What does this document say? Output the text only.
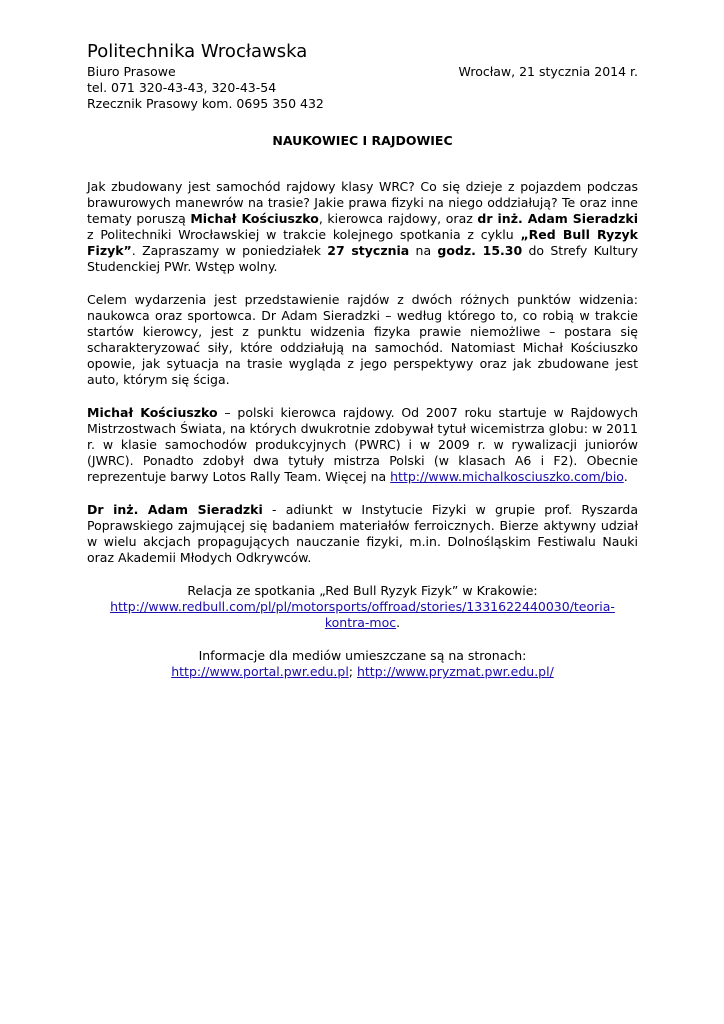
Politechnika Wrocławska
Biuro Prasowe	Wrocław, 21 stycznia 2014 r.
tel. 071 320-43-43, 320-43-54
Rzecznik Prasowy kom. 0695 350 432
NAUKOWIEC I RAJDOWIEC

Jak zbudowany jest samochód rajdowy klasy WRC? Co się dzieje z pojazdem podczas brawurowych manewrów na trasie? Jakie prawa fizyki na niego oddziałują? Te oraz inne tematy poruszą Michał Kościuszko, kierowca rajdowy, oraz dr inż. Adam Sieradzki z Politechniki Wrocławskiej w trakcie kolejnego spotkania z cyklu „Red Bull Ryzyk Fizyk”. Zapraszamy w poniedziałek 27 stycznia na godz. 15.30 do Strefy Kultury Studenckiej PWr. Wstęp wolny.

Celem wydarzenia jest przedstawienie rajdów z dwóch różnych punktów widzenia: naukowca oraz sportowca. Dr Adam Sieradzki – według którego to, co robią w trakcie startów kierowcy, jest z punktu widzenia fizyka prawie niemożliwe – postara się scharakteryzować siły, które oddziałują na samochód. Natomiast Michał Kościuszko opowie, jak sytuacja na trasie wygląda z jego perspektywy oraz jak zbudowane jest auto, którym się ściga.

Michał Kościuszko – polski kierowca rajdowy. Od 2007 roku startuje w Rajdowych Mistrzostwach Świata, na których dwukrotnie zdobywał tytuł wicemistrza globu: w 2011 r. w klasie samochodów produkcyjnych (PWRC) i w 2009 r. w rywalizacji juniorów (JWRC). Ponadto zdobył dwa tytuły mistrza Polski (w klasach A6 i F2). Obecnie reprezentuje barwy Lotos Rally Team. Więcej na http://www.michalkosciuszko.com/bio.

Dr inż. Adam Sieradzki - adiunkt w Instytucie Fizyki w grupie prof. Ryszarda Poprawskiego zajmującej się badaniem materiałów ferroicznych. Bierze aktywny udział w wielu akcjach propagujących nauczanie fizyki, m.in. Dolnośląskim Festiwalu Nauki oraz Akademii Młodych Odkrywców.

Relacja ze spotkania „Red Bull Ryzyk Fizyk” w Krakowie:
http://www.redbull.com/pl/pl/motorsports/offroad/stories/1331622440030/teoria-
kontra-moc.

Informacje dla mediów umieszczane są na stronach:
http://www.portal.pwr.edu.pl; http://www.pryzmat.pwr.edu.pl/
